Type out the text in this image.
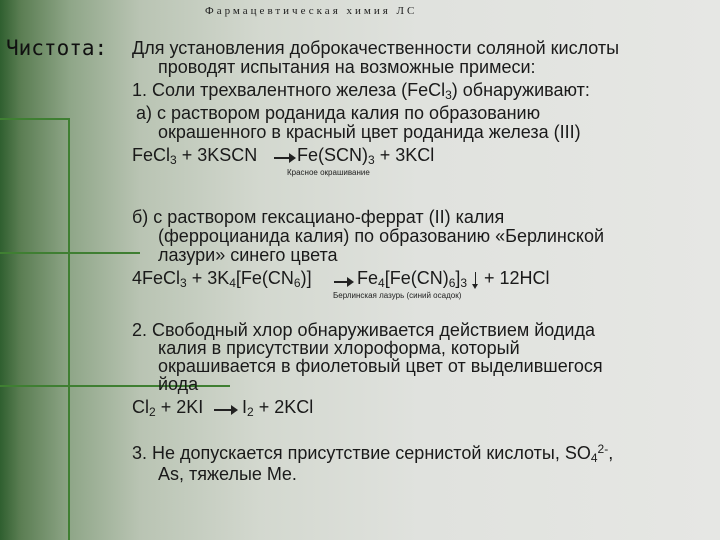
Фармацевтическая химия ЛС
Чистота: Для установления доброкачественности соляной кислоты
проводят испытания на возможные примеси:
1. Соли трехвалентного железа (FeCl$_3$) обнаруживают:
а) с раствором роданида калия по образованию
окрашенного в красный цвет роданида железа (III)
FeCl$_3$ + 3KSCN → $Fe(SCN)_3 + 3KCl$
Красное окрашивание
б) с раствором гексациано-феррат (II) калия
(ферроцианида калия) по образованию «Берлинской
лазури» синего цвета
4FeCl$_3$ + $3K_4[Fe(CN_6)] \to Fe_4[Fe(CN)_6]_3 + 12HCl$
Берлинская лазурь (синий осадок)
2. Свободный хлор обнаруживается действием йодида
калия в присутствии хлороформа, который
окрашивается в фиолетовый цвет от выделившегося
йода
$Cl_2 + 2KI \to I_2 + 2KCl$
3. Не допускается присутствие сернистой кислоты, $SO_4^{2-}$,
As, тяжелые Me.
